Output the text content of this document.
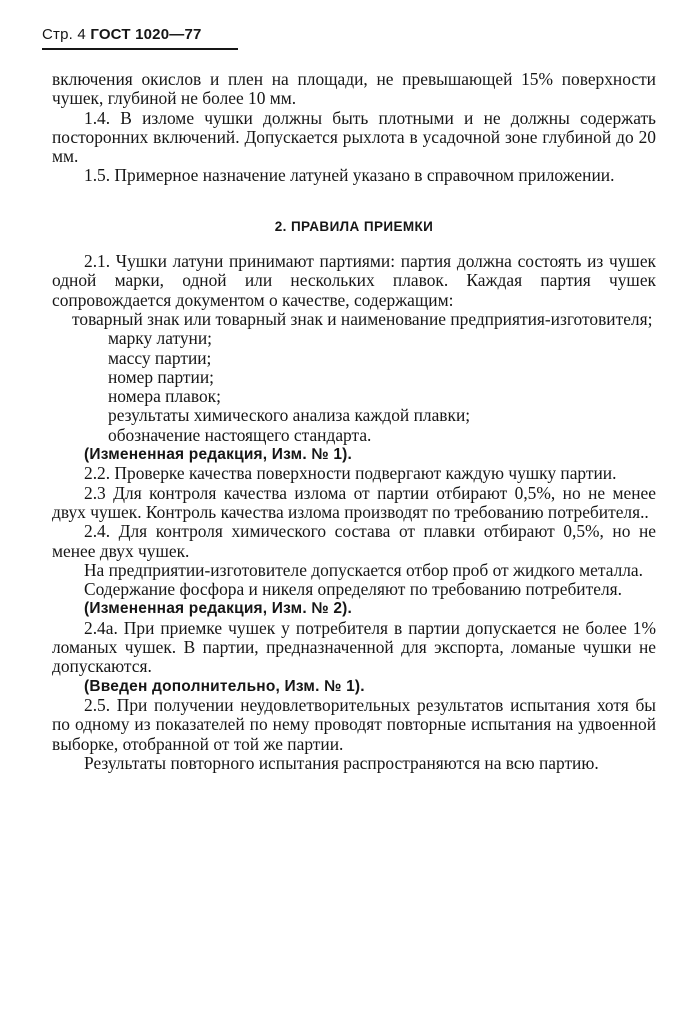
Стр. 4 ГОСТ 1020—77

включения окислов и плен на площади, не превышающей 15% поверхности чушек, глубиной не более 10 мм.

1.4. В изломе чушки должны быть плотными и не должны содержать посторонних включений. Допускается рыхлота в усадочной зоне глубиной до 20 мм.

1.5. Примерное назначение латуней указано в справочном приложении.

2. ПРАВИЛА ПРИЕМКИ

2.1. Чушки латуни принимают партиями: партия должна состоять из чушек одной марки, одной или нескольких плавок. Каждая партия чушек сопровождается документом о качестве, содержащим:

товарный знак или товарный знак и наименование предприятия-изготовителя;

марку латуни;

массу партии;

номер партии;

номера плавок;

результаты химического анализа каждой плавки;

обозначение настоящего стандарта.

(Измененная редакция, Изм. № 1).

2.2. Проверке качества поверхности подвергают каждую чушку партии.

2.3 Для контроля качества излома от партии отбирают 0,5%, но не менее двух чушек. Контроль качества излома производят по требованию потребителя..

2.4. Для контроля химического состава от плавки отбирают 0,5%, но не менее двух чушек.

На предприятии-изготовителе допускается отбор проб от жидкого металла.

Содержание фосфора и никеля определяют по требованию потребителя.

(Измененная редакция, Изм. № 2).

2.4а. При приемке чушек у потребителя в партии допускается не более 1% ломаных чушек. В партии, предназначенной для экспорта, ломаные чушки не допускаются.

(Введен дополнительно, Изм. № 1).

2.5. При получении неудовлетворительных результатов испытания хотя бы по одному из показателей по нему проводят повторные испытания на удвоенной выборке, отобранной от той же партии.

Результаты повторного испытания распространяются на всю партию.
